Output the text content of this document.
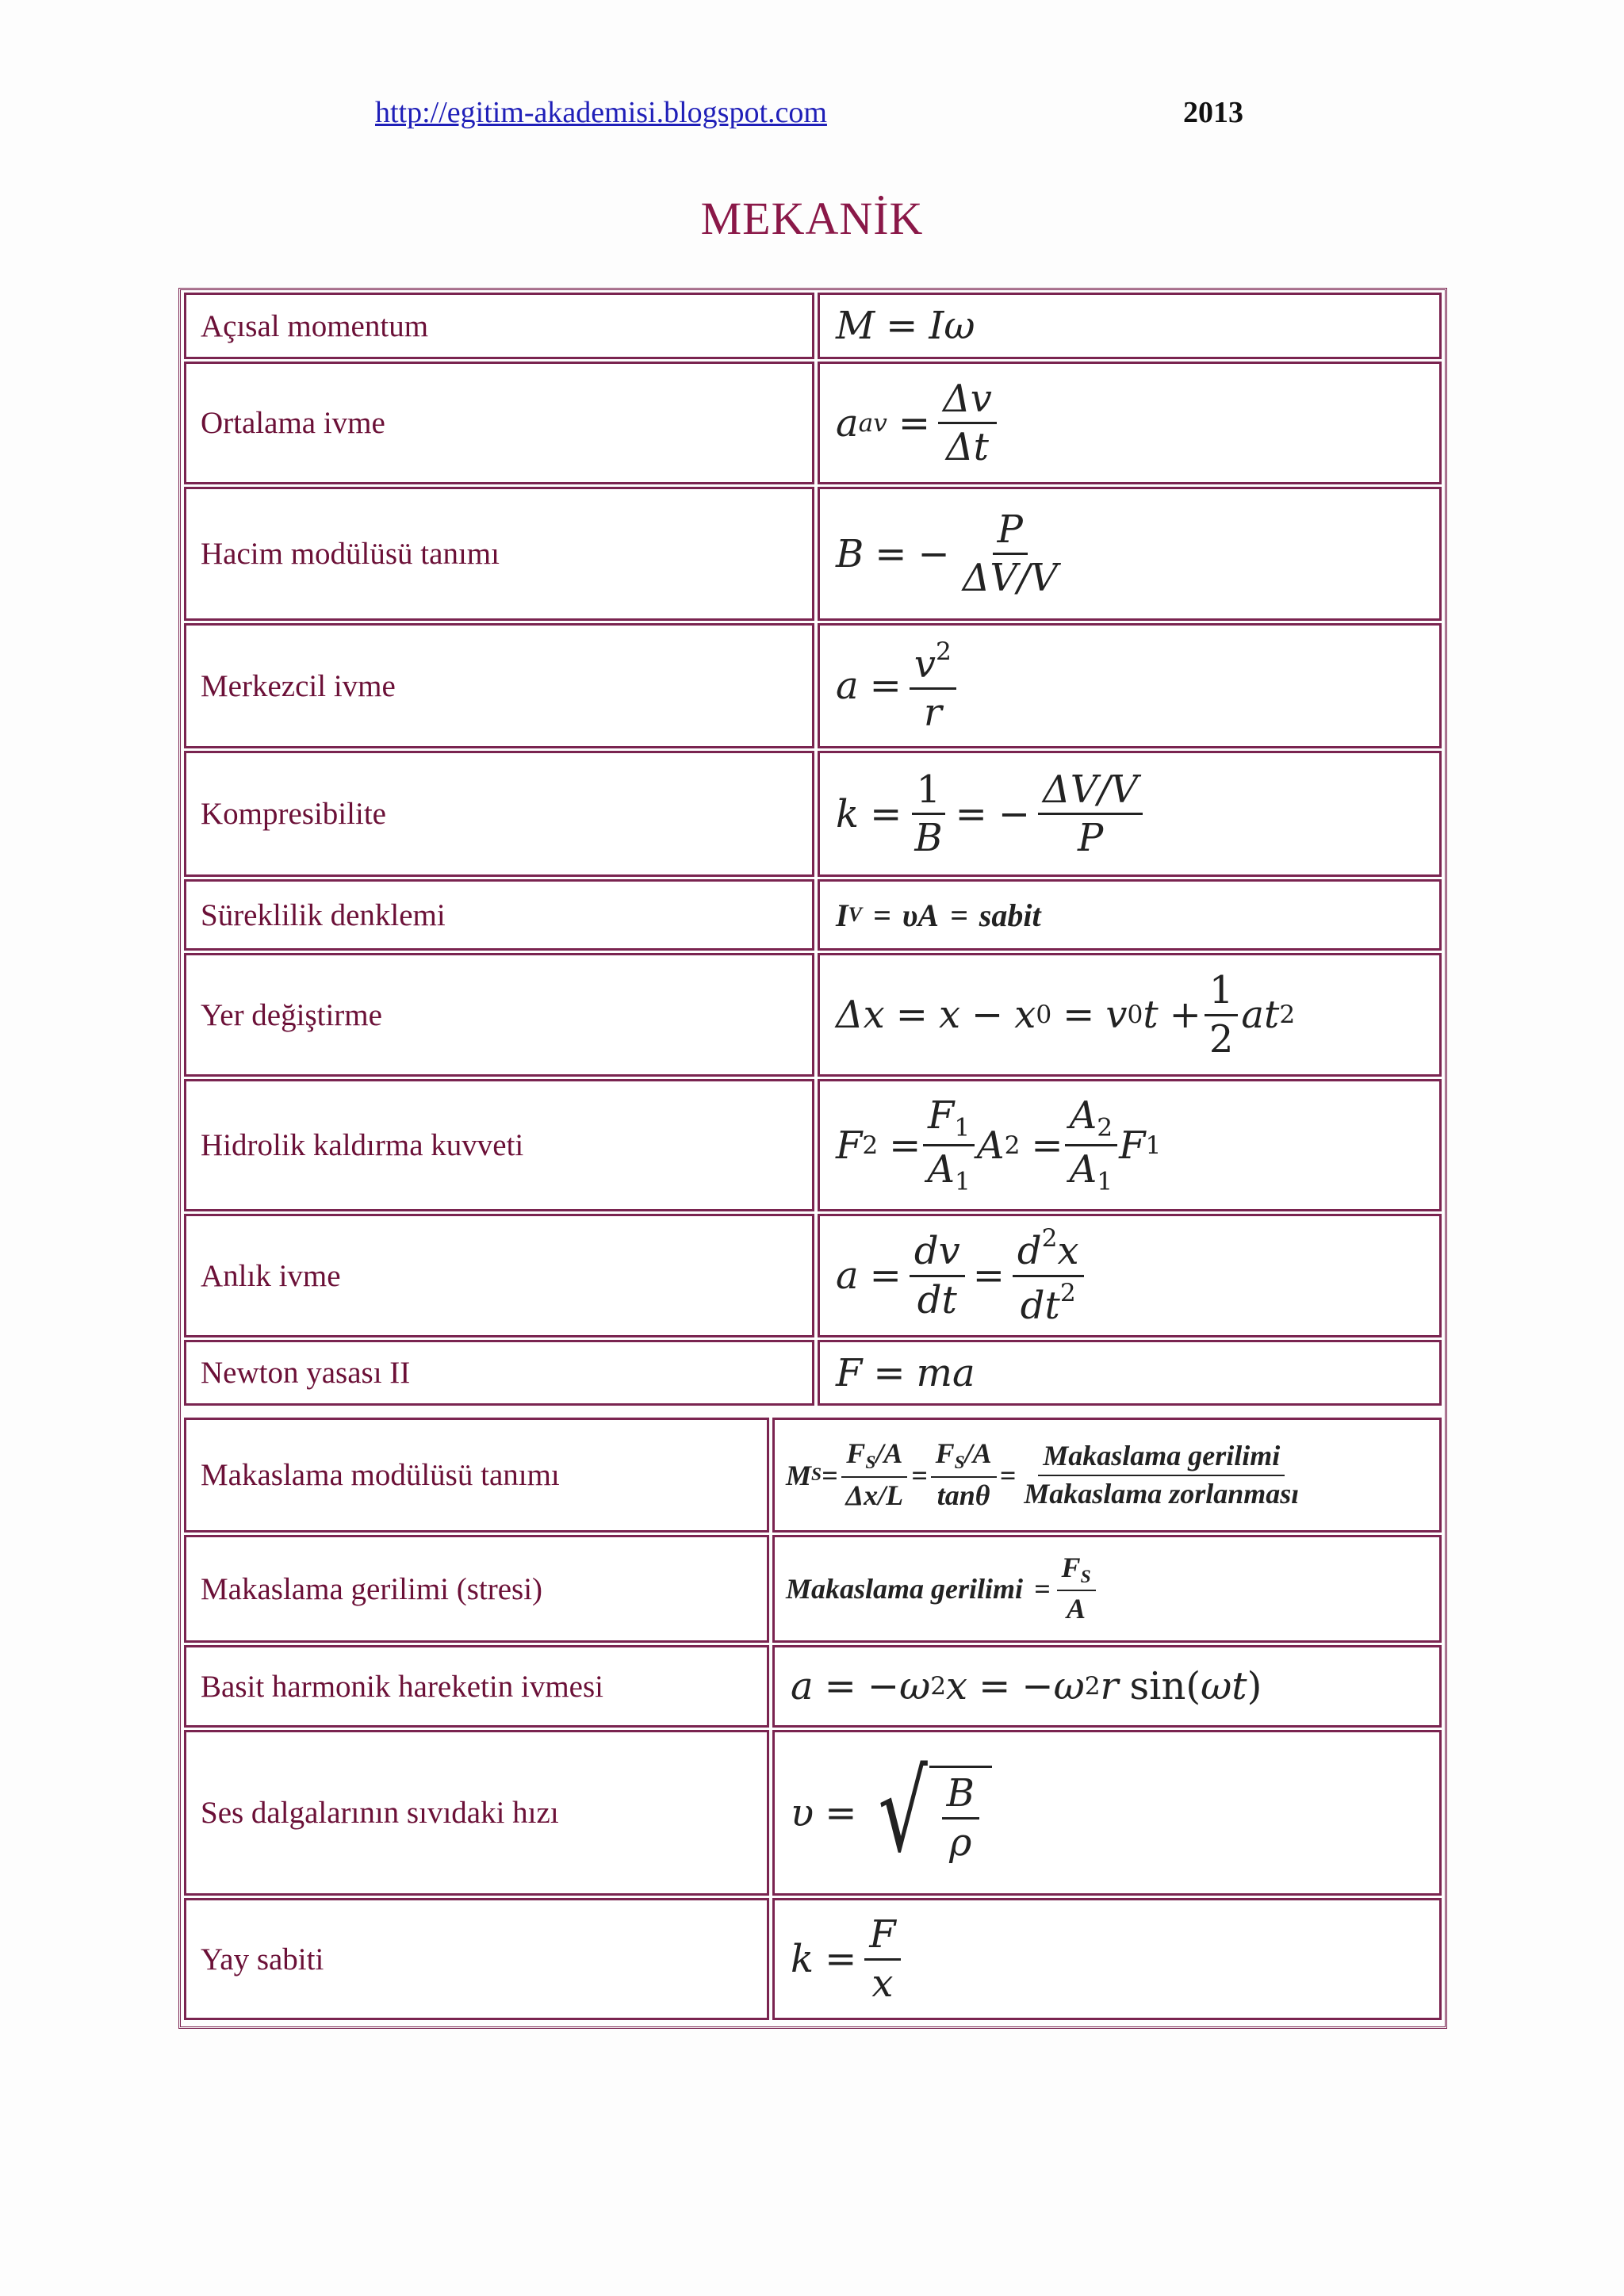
http://egitim-akademisi.blogspot.com	2013
MEKANİK
Açısal momentum	M = I ω
Ortalama ivme	a av = $\frac{\Delta v}{\Delta t}$
Hacim modülüsü tanımı	B = − $\frac{P}{\Delta V/V}$
Merkezcil ivme	$a = \frac{v^2}{r}$
Kompresibilite	$k = \frac{1}{B}$ = − $\frac{\Delta V/V}{P}$
Süreklilik denklemi	I V = υA = sabit
Yer değiştirme	Δx = x − x 0 = v 0 $t + \frac{1}{2}$ at 2
Hidrolik kaldırma kuvveti	F $2 = \frac{F_1}{A_1}$ A $2 = \frac{A_2}{A_1}$ F 1
Anlık ivme	$a = \frac{dv}{dt} = \frac{d^2x}{dt^2}$
Newton yasası II	F = ma
Makaslama modülüsü tanımı	M $S = \frac{F_S/A}{\Delta x/L} = \frac{F_S/A}{\tan\theta} = \frac{\text{Makaslama gerilimi}}{\text{Makaslama zorlanması}}$
Makaslama gerilimi (stresi)	Makaslama gerilimi = $\frac{F_S}{A}$
Basit harmonik hareketin ivmesi	a = −ω 2 x = −ω 2 r sin ( ωt )
Ses dalgalarının sıvıdaki hızı	υ = √ $\frac{B}{\rho}$
Yay sabiti	$k = \frac{F}{x}$
